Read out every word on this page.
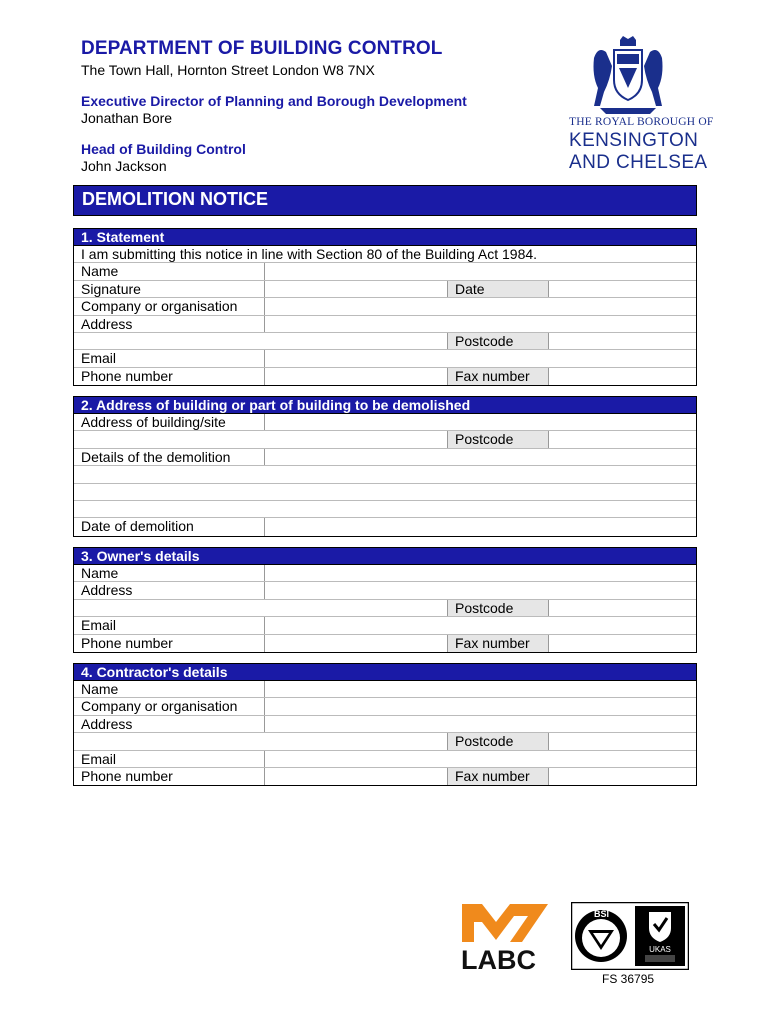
DEPARTMENT OF BUILDING CONTROL
The Town Hall, Hornton Street London W8 7NX
Executive Director of Planning and Borough Development
Jonathan Bore
Head of Building Control
John Jackson
THE ROYAL BOROUGH OF
KENSINGTON
AND CHELSEA
DEMOLITION NOTICE
1. Statement
I am submitting this notice in line with Section 80 of the Building Act 1984.
Name
Signature	Date
Company or organisation
Address
Postcode
Email
Phone number	Fax number
2. Address of building or part of building to be demolished
Address of building/site
Postcode
Details of the demolition
Date of demolition
3. Owner's details
Name
Address
Postcode
Email
Phone number	Fax number
4. Contractor's details
Name
Company or organisation
Address
Postcode
Email
Phone number	Fax number
LABC
BSI
UKAS
FS 36795
